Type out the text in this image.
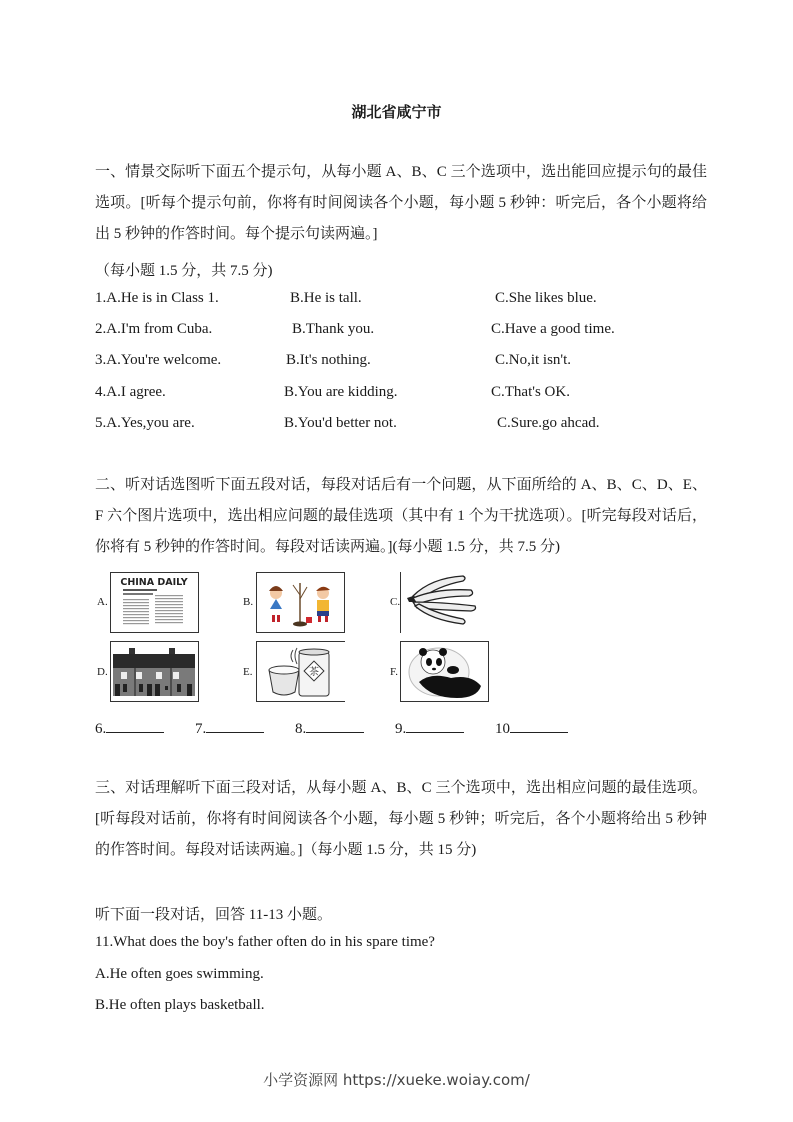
湖北省咸宁市
一、情景交际听下面五个提示句，从每小题 A、B、C 三个选项中，选出能回应提示句的最佳选项。[听每个提示句前，你将有时间阅读各个小题，每小题 5 秒钟：听完后，各个小题将给出 5 秒钟的作答时间。每个提示句读两遍。]
（每小题 1.5 分，共 7.5 分)
1.A.He is in Class 1.	B.He is tall.	C.She likes blue.
2.A.I'm from Cuba.	B.Thank you.	C.Have a good time.
3.A.You're welcome.	B.It's nothing.	C.No,it isn't.
4.A.I agree.	B.You are kidding.	C.That's OK.
5.A.Yes,you are.	B.You'd better not.	C.Sure.go ahcad.
二、听对话选图听下面五段对话，每段对话后有一个问题，从下面所给的 A、B、C、D、E、F 六个图片选项中，选出相应问题的最佳选项（其中有 1 个为干扰选项）。[听完每段对话后，你将有 5 秒钟的作答时间。每段对话读两遍。](每小题 1.5 分，共 7.5 分)
A.
CHINA DAILY
B.	C.
D.	E.	茶	F.
6.	7.	8.	9.	10
三、对话理解听下面三段对话，从每小题 A、B、C 三个选项中，选出相应问题的最佳选项。[听每段对话前，你将有时间阅读各个小题，每小题 5 秒钟；听完后，各个小题将给出 5 秒钟的作答时间。每段对话读两遍。]（每小题 1.5 分，共 15 分)
听下面一段对话，回答 11-13 小题。
11.What does the boy's father often do in his spare time?
A.He often goes swimming.
B.He often plays basketball.
小学资源网 https://xueke.woiay.com/
